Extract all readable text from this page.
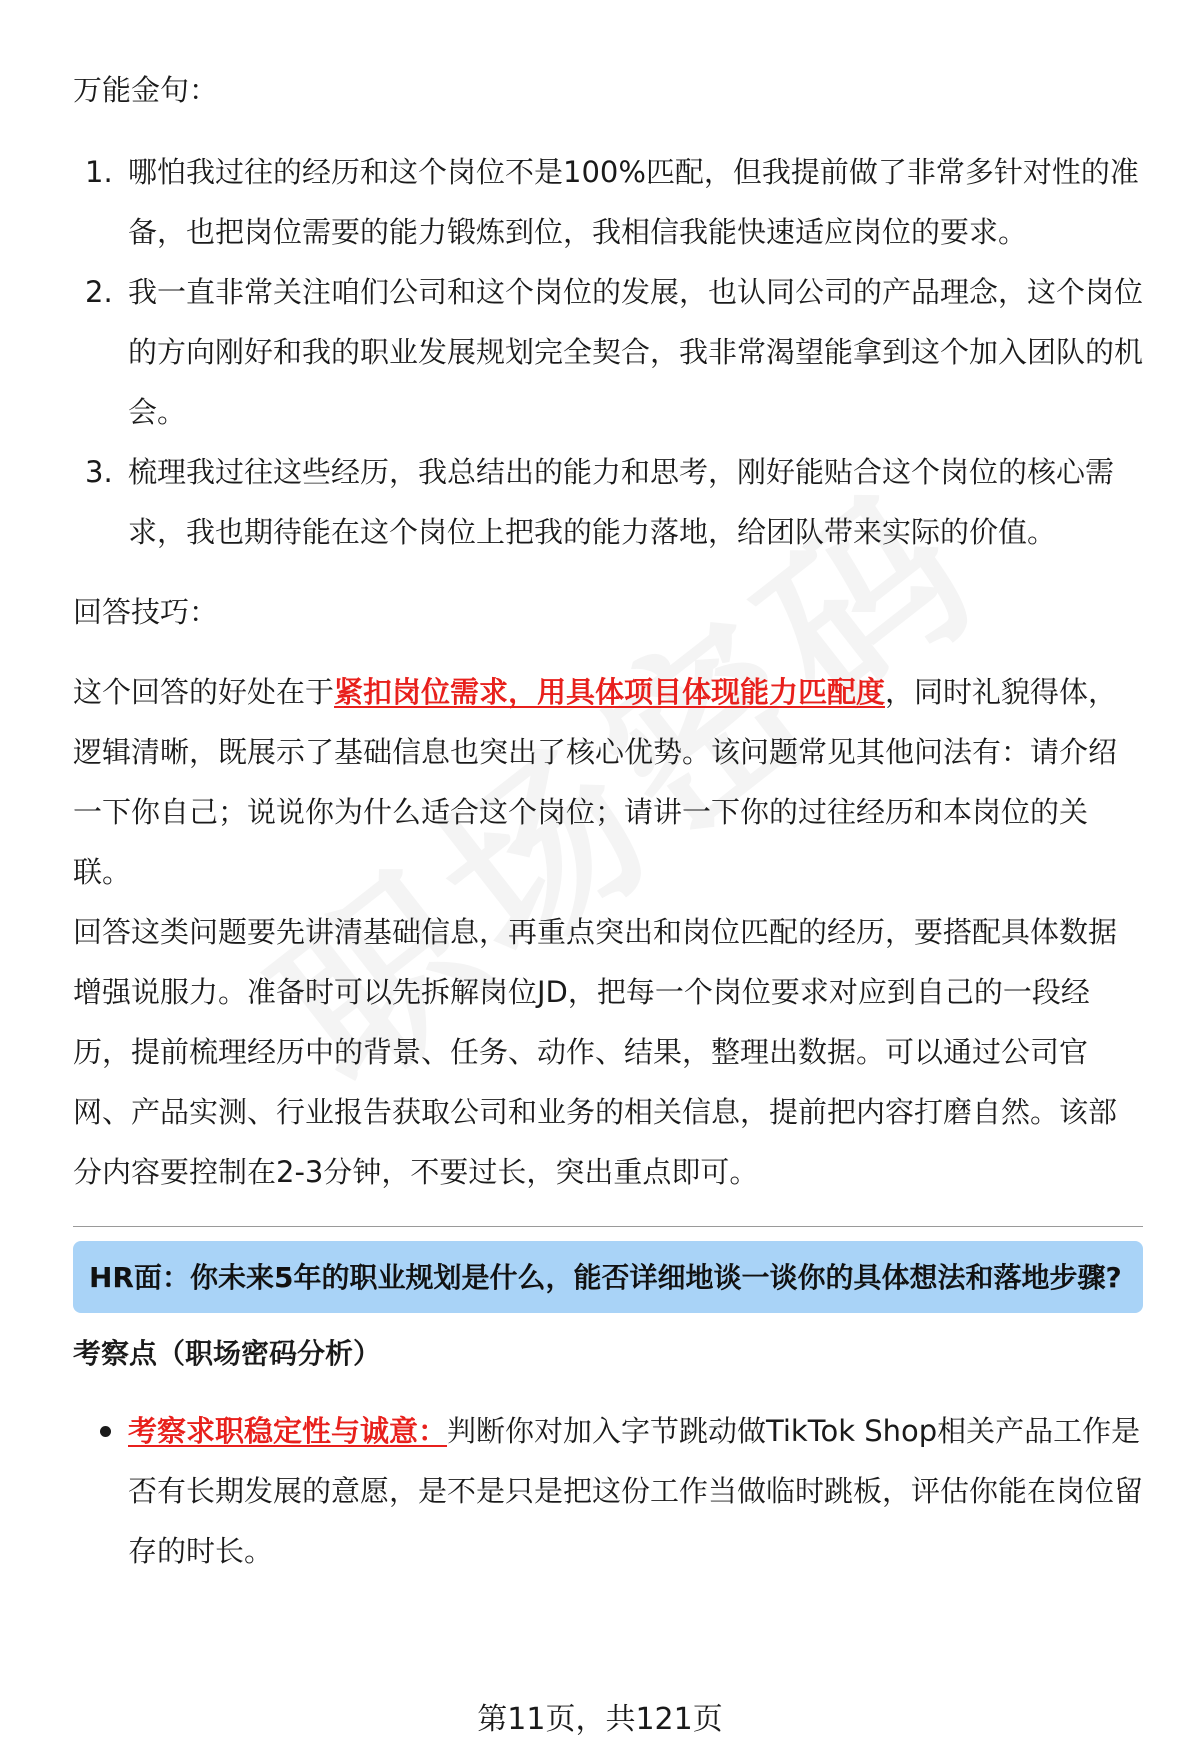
万能金句：

1. 哪怕我过往的经历和这个岗位不是100%匹配，但我提前做了非常多针对性的准备，也把岗位需要的能力锻炼到位，我相信我能快速适应岗位的要求。
2. 我一直非常关注咱们公司和这个岗位的发展，也认同公司的产品理念，这个岗位的方向刚好和我的职业发展规划完全契合，我非常渴望能拿到这个加入团队的机会。
3. 梳理我过往这些经历，我总结出的能力和思考，刚好能贴合这个岗位的核心需求，我也期待能在这个岗位上把我的能力落地，给团队带来实际的价值。

回答技巧：

这个回答的好处在于紧扣岗位需求，用具体项目体现能力匹配度，同时礼貌得体，逻辑清晰，既展示了基础信息也突出了核心优势。该问题常见其他问法有：请介绍一下你自己；说说你为什么适合这个岗位；请讲一下你的过往经历和本岗位的关联。

回答这类问题要先讲清基础信息，再重点突出和岗位匹配的经历，要搭配具体数据增强说服力。准备时可以先拆解岗位JD，把每一个岗位要求对应到自己的一段经历，提前梳理经历中的背景、任务、动作、结果，整理出数据。可以通过公司官网、产品实测、行业报告获取公司和业务的相关信息，提前把内容打磨自然。该部分内容要控制在2-3分钟，不要过长，突出重点即可。

HR面：你未来5年的职业规划是什么，能否详细地谈一谈你的具体想法和落地步骤?

考察点（职场密码分析）

考察求职稳定性与诚意：判断你对加入字节跳动做TikTok Shop相关产品工作是否有长期发展的意愿，是不是只是把这份工作当做临时跳板，评估你能在岗位留存的时长。
第11页，共121页
